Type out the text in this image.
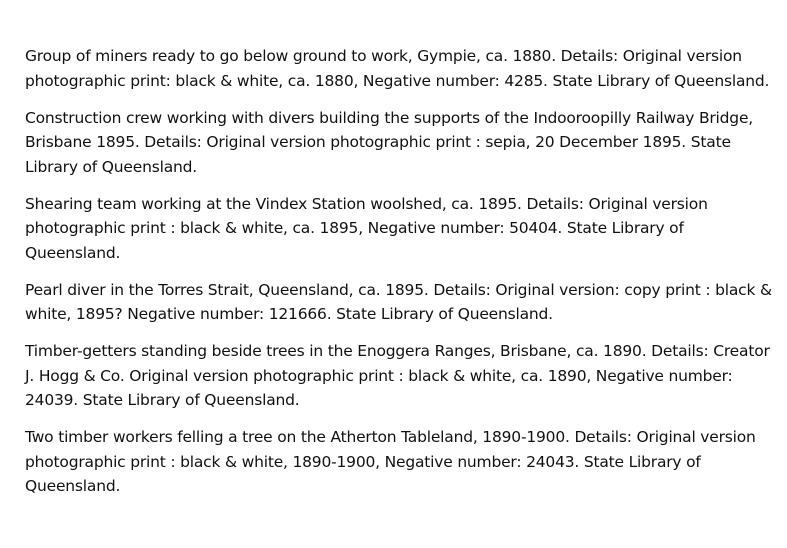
Group of miners ready to go below ground to work, Gympie, ca. 1880. Details: Original version photographic print: black & white, ca. 1880, Negative number: 4285. State Library of Queensland.

Construction crew working with divers building the supports of the Indooroopilly Railway Bridge, Brisbane 1895. Details: Original version photographic print : sepia, 20 December 1895. State Library of Queensland.

Shearing team working at the Vindex Station woolshed, ca. 1895. Details: Original version photographic print : black & white, ca. 1895, Negative number: 50404. State Library of Queensland.

Pearl diver in the Torres Strait, Queensland, ca. 1895. Details: Original version: copy print : black & white, 1895? Negative number: 121666. State Library of Queensland.

Timber-getters standing beside trees in the Enoggera Ranges, Brisbane, ca. 1890. Details: Creator  J. Hogg & Co. Original version photographic print : black & white, ca. 1890, Negative number: 24039. State Library of Queensland.

Two timber workers felling a tree on the Atherton Tableland, 1890-1900. Details: Original version photographic print : black & white, 1890-1900, Negative number: 24043. State Library of Queensland.
